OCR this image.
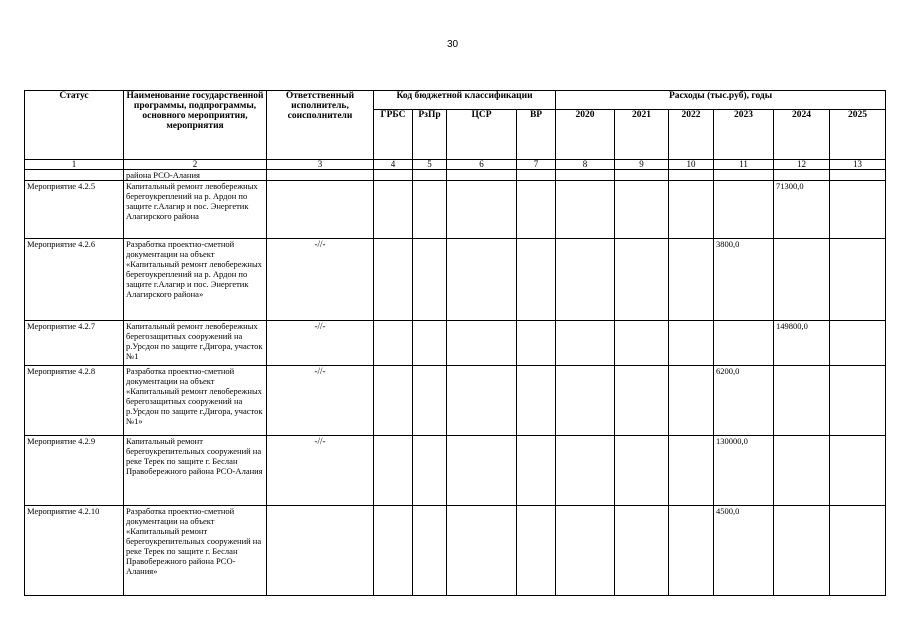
30
Статус	Наименование государственной программы, подпрограммы, основного мероприятия, мероприятия	Ответственный исполнитель, соисполнители	Код бюджетной классификации				Расходы (тыс.руб), годы					
			ГРБС	РзПр	ЦСР	ВР	2020	2021	2022	2023	2024	2025
1	2	3	4	5	6	7	8	9	10	11	12	13
	района РСО-Алания											
Мероприятие 4.2.5	Капитальный ремонт левобережных берегоукреплений на р. Ардон по защите г.Алагир и пос. Энергетик Алагирского района										71300,0	
Мероприятие 4.2.6	Разработка проектно-сметной документации на объект «Капитальный ремонт левобережных берегоукреплений на р. Ардон по защите г.Алагир и пос. Энергетик Алагирского района»	-//-								3800,0		
Мероприятие 4.2.7	Капитальный ремонт левобережных берегозащитных сооружений на р.Урсдон по защите г.Дигора, участок №1	-//-									149800,0	
Мероприятие 4.2.8	Разработка проектно-сметной документации на объект «Капитальный ремонт левобережных берегозащитных сооружений на р.Урсдон по защите г.Дигора, участок №1»	-//-								6200,0		
Мероприятие 4.2.9	Капитальный ремонт берегоукрепительных сооружений на реке Терек по защите г. Беслан Правобережного района РСО-Алания	-//-								130000,0		
Мероприятие 4.2.10	Разработка проектно-сметной документации на объект «Капитальный ремонт берегоукрепительных сооружений на реке Терек по защите г. Беслан Правобережного района РСО-Алания»									4500,0		
